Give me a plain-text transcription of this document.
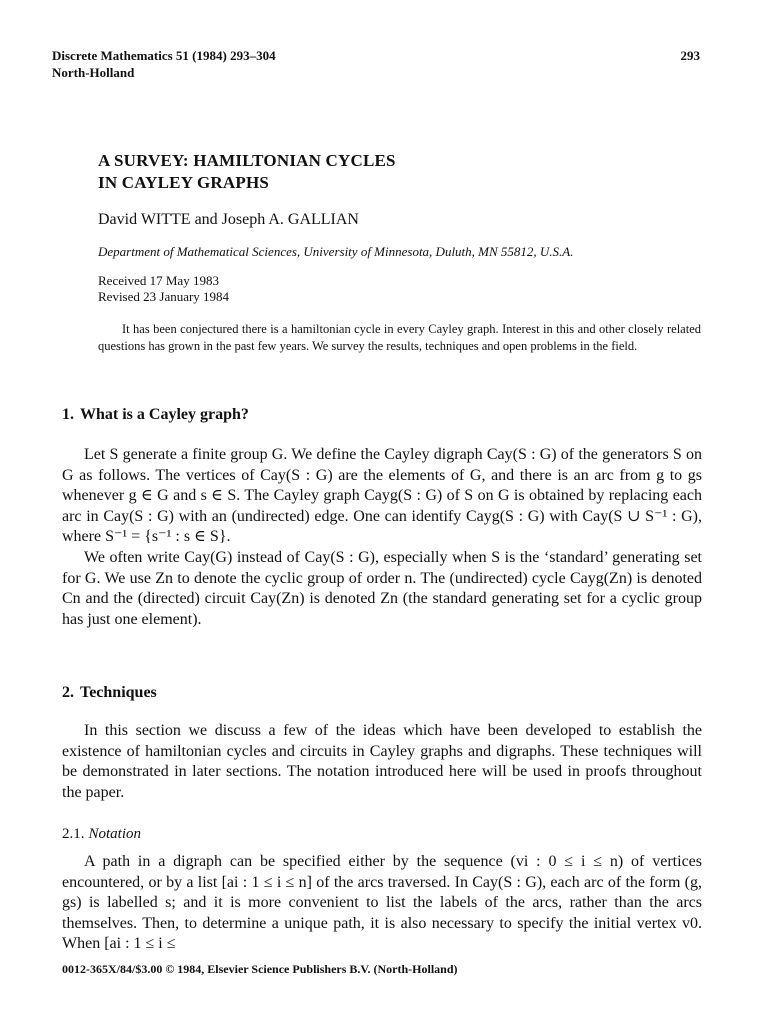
Discrete Mathematics 51 (1984) 293–304
North-Holland
293
A SURVEY: HAMILTONIAN CYCLES
IN CAYLEY GRAPHS
David WITTE and Joseph A. GALLIAN
Department of Mathematical Sciences, University of Minnesota, Duluth, MN 55812, U.S.A.
Received 17 May 1983
Revised 23 January 1984

It has been conjectured there is a hamiltonian cycle in every Cayley graph. Interest in this and other closely related questions has grown in the past few years. We survey the results, techniques and open problems in the field.

1. What is a Cayley graph?

Let S generate a finite group G. We define the Cayley digraph Cay(S : G) of the generators S on G as follows. The vertices of Cay(S : G) are the elements of G, and there is an arc from g to gs whenever g ∈ G and s ∈ S. The Cayley graph Cayg(S : G) of S on G is obtained by replacing each arc in Cay(S : G) with an (undirected) edge. One can identify Cayg(S : G) with Cay(S ∪ S⁻¹ : G), where S⁻¹ = {s⁻¹ : s ∈ S}.

We often write Cay(G) instead of Cay(S : G), especially when S is the ‘standard’ generating set for G. We use Zn to denote the cyclic group of order n. The (undirected) cycle Cayg(Zn) is denoted Cn and the (directed) circuit Cay(Zn) is denoted Zn (the standard generating set for a cyclic group has just one element).

2. Techniques

In this section we discuss a few of the ideas which have been developed to establish the existence of hamiltonian cycles and circuits in Cayley graphs and digraphs. These techniques will be demonstrated in later sections. The notation introduced here will be used in proofs throughout the paper.

2.1. Notation

A path in a digraph can be specified either by the sequence (vi : 0 ≤ i ≤ n) of vertices encountered, or by a list [ai : 1 ≤ i ≤ n] of the arcs traversed. In Cay(S : G), each arc of the form (g, gs) is labelled s; and it is more convenient to list the labels of the arcs, rather than the arcs themselves. Then, to determine a unique path, it is also necessary to specify the initial vertex v0. When [ai : 1 ≤ i ≤

0012-365X/84/$3.00 © 1984, Elsevier Science Publishers B.V. (North-Holland)
